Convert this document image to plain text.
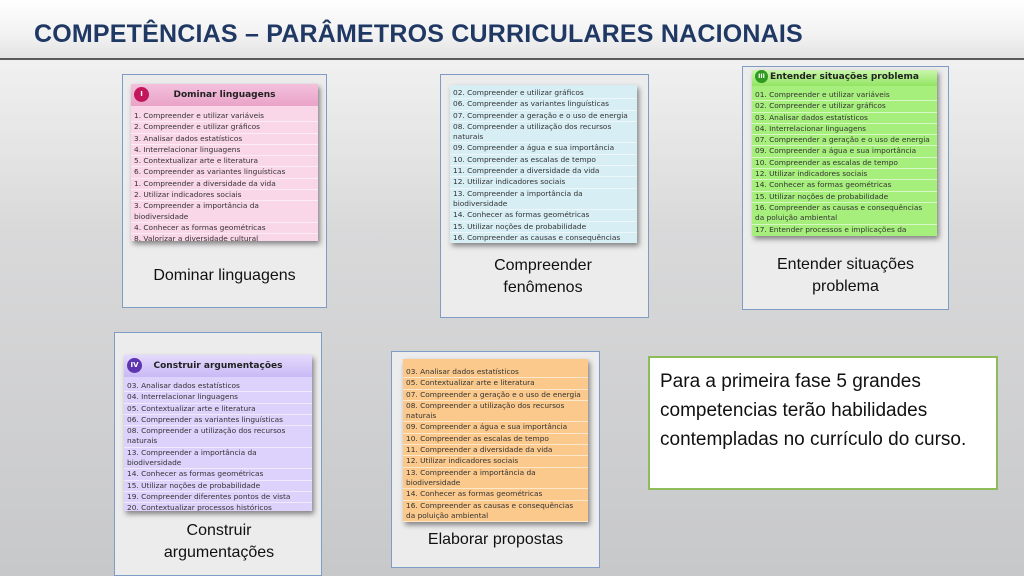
COMPETÊNCIAS – PARÂMETROS CURRICULARES NACIONAIS
I	Dominar linguagens
1. Compreender e utilizar variáveis
2. Compreender e utilizar gráficos
3. Analisar dados estatísticos
4. Interrelacionar linguagens
5. Contextualizar arte e literatura
6. Compreender as variantes linguísticas
1. Compreender a diversidade da vida
2. Utilizar indicadores sociais
3. Compreender a importância da biodiversidade
4. Conhecer as formas geométricas
8. Valorizar a diversidade cultural
Dominar linguagens
02. Compreender e utilizar gráficos
06. Compreender as variantes linguísticas
07. Compreender a geração e o uso de energia
08. Compreender a utilização dos recursos naturais
09. Compreender a água e sua importância
10. Compreender as escalas de tempo
11. Compreender a diversidade da vida
12. Utilizar indicadores sociais
13. Compreender a importância da biodiversidade
14. Conhecer as formas geométricas
15. Utilizar noções de probabilidade
16. Compreender as causas e consequências

Compreender fenômenos
III Entender situações problema
01. Compreender e utilizar variáveis
02. Compreender e utilizar gráficos
03. Analisar dados estatísticos
04. Interrelacionar linguagens
07. Compreender a geração e o uso de energia
09. Compreender a água e sua importância
10. Compreender as escalas de tempo
12. Utilizar indicadores sociais
14. Conhecer as formas geométricas
15. Utilizar noções de probabilidade
16. Compreender as causas e consequências
da poluição ambiental
17. Entender processos e implicações da

Entender situações problema
IV	Construir argumentações
03. Analisar dados estatísticos
04. Interrelacionar linguagens
05. Contextualizar arte e literatura
06. Compreender as variantes linguísticas
08. Compreender a utilização dos recursos naturais
13. Compreender a importância da biodiversidade
14. Conhecer as formas geométricas
15. Utilizar noções de probabilidade
19. Compreender diferentes pontos de vista
20. Contextualizar processos históricos

Construir argumentações
03. Analisar dados estatísticos
05. Contextualizar arte e literatura
07. Compreender a geração e o uso de energia
08. Compreender a utilização dos recursos naturais
09. Compreender a água e sua importância
10. Compreender as escalas de tempo
11. Compreender a diversidade da vida
12. Utilizar indicadores sociais
13. Compreender a importância da biodiversidade
14. Conhecer as formas geométricas
16. Compreender as causas e consequências
da poluição ambiental
Elaborar propostas
Para a primeira fase 5 grandes competencias terão habilidades contempladas no currículo do curso.
